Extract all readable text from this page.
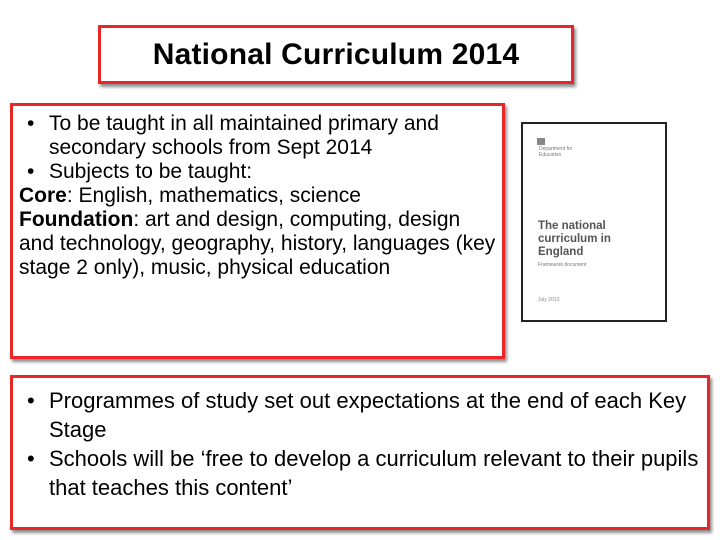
National Curriculum 2014
• To be taught in all maintained primary and secondary schools from Sept 2014
• Subjects to be taught:
Core: English, mathematics, science
Foundation: art and design, computing, design and technology, geography, history, languages (key stage 2 only), music, physical education
Department for Education
The national curriculum in England
Framework document
July 2013
• Programmes of study set out expectations at the end of each Key Stage
• Schools will be ‘free to develop a curriculum relevant to their pupils that teaches this content’
